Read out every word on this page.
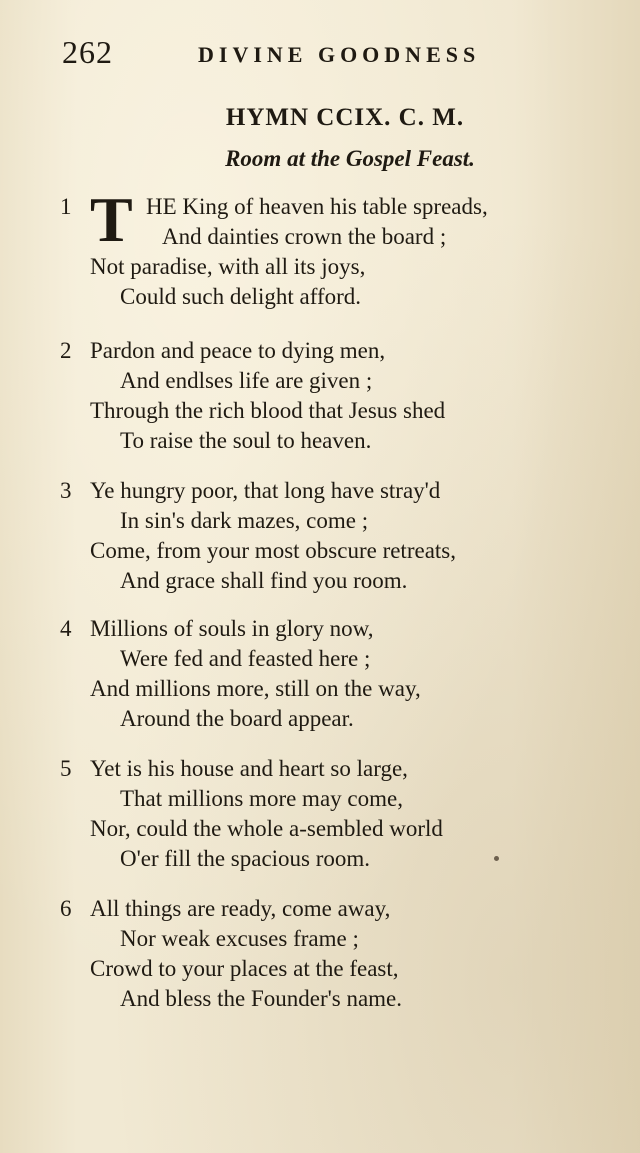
262	DIVINE GOODNESS
HYMN CCIX. C. M.
Room at the Gospel Feast.
1 T HE King of heaven his table spreads,
And dainties crown the board ;
Not paradise, with all its joys,
Could such delight afford.
2 Pardon and peace to dying men,
And endlses life are given ;
Through the rich blood that Jesus shed
To raise the soul to heaven.
3 Ye hungry poor, that long have stray'd
In sin's dark mazes, come ;
Come, from your most obscure retreats,
And grace shall find you room.
4 Millions of souls in glory now,
Were fed and feasted here ;
And millions more, still on the way,
Around the board appear.
5 Yet is his house and heart so large,
That millions more may come,
Nor, could the whole a-sembled world
O'er fill the spacious room.
6 All things are ready, come away,
Nor weak excuses frame ;
Crowd to your places at the feast,
And bless the Founder's name.
